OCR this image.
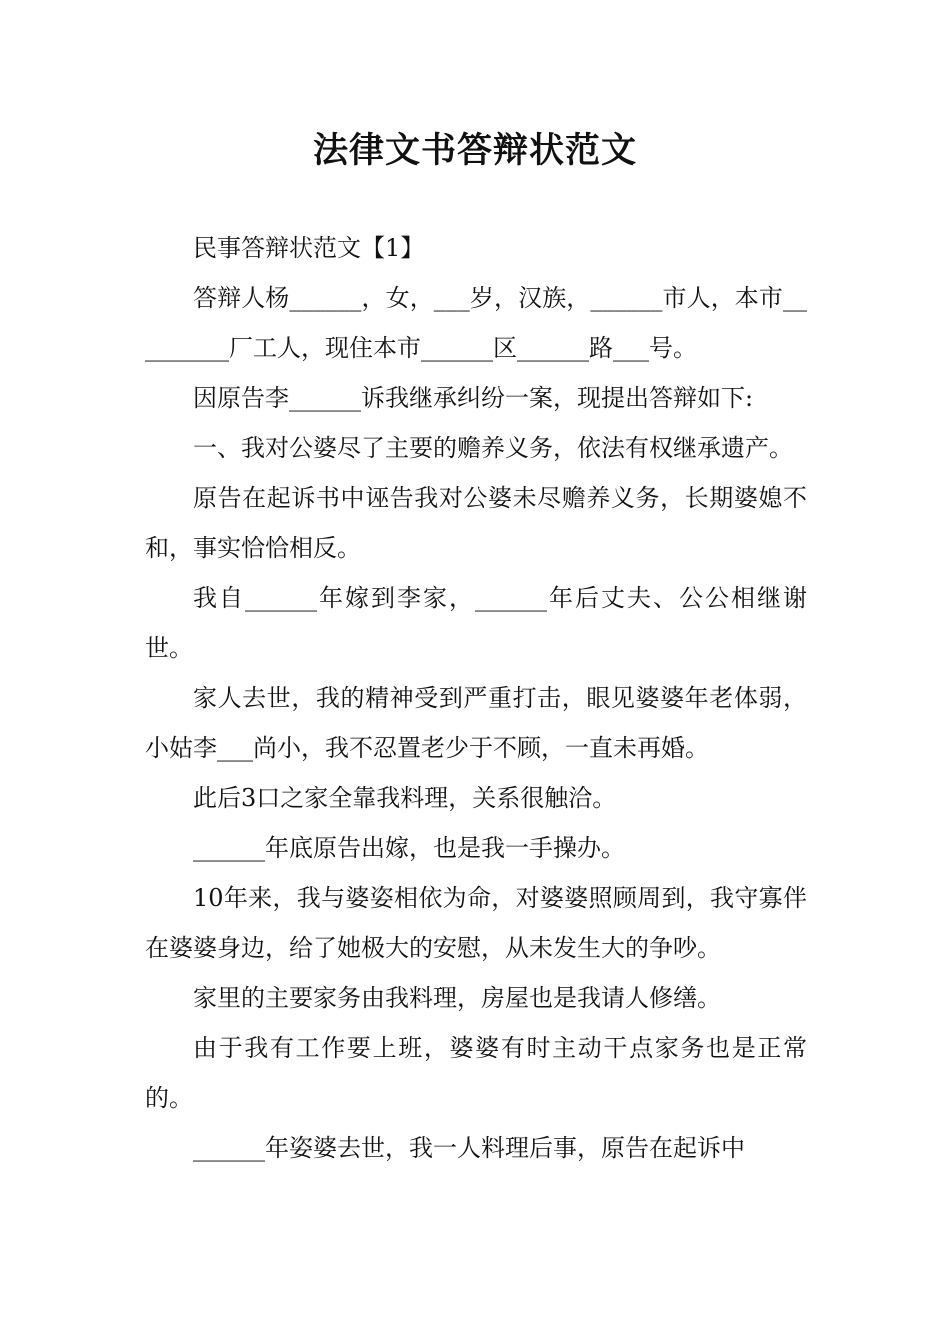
法律文书答辩状范文

民事答辩状范文【1】

答辩人杨______，女，___岁，汉族，______市人，本市_________厂工人，现住本市______区______路___号。

因原告李______诉我继承纠纷一案，现提出答辩如下:

一、我对公婆尽了主要的赡养义务，依法有权继承遗产。

原告在起诉书中诬告我对公婆未尽赡养义务，长期婆媳不和，事实恰恰相反。

我自______年嫁到李家，______年后丈夫、公公相继谢世。

家人去世，我的精神受到严重打击，眼见婆婆年老体弱，小姑李___尚小，我不忍置老少于不顾，一直未再婚。

此后3口之家全靠我料理，关系很触洽。

______年底原告出嫁，也是我一手操办。

10年来，我与婆姿相依为命，对婆婆照顾周到，我守寡伴在婆婆身边，给了她极大的安慰，从未发生大的争吵。

家里的主要家务由我料理，房屋也是我请人修缮。

由于我有工作要上班，婆婆有时主动干点家务也是正常的。

______年姿婆去世，我一人料理后事，原告在起诉中
